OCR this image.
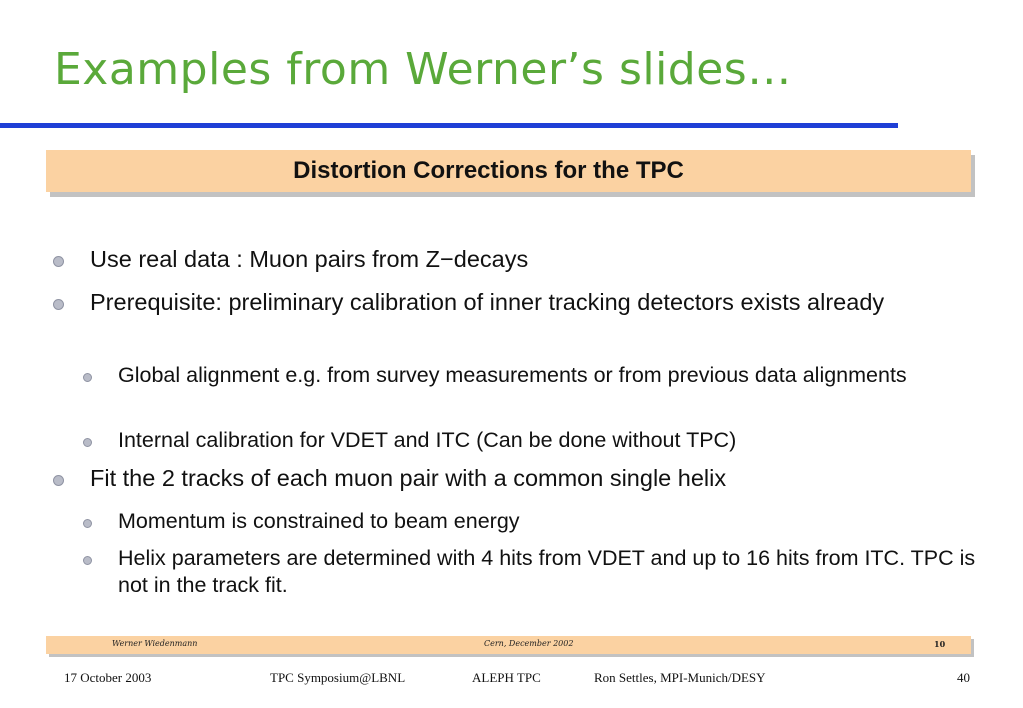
Examples from Werner’s slides…
Distortion Corrections for the TPC
Use real data : Muon pairs from Z−decays
Prerequisite: preliminary calibration of inner tracking detectors exists already
Global alignment e.g. from survey measurements or from previous data alignments
Internal calibration for VDET and ITC (Can be done without TPC)
Fit the 2 tracks of each muon pair with a common single helix
Momentum is constrained to beam energy
Helix parameters are determined with 4 hits from VDET and up to 16 hits from ITC. TPC is not in the track fit.
Werner Wiedenmann	Cern, December 2002	10
17 October 2003	TPC Symposium@LBNL	ALEPH TPC	Ron Settles, MPI-Munich/DESY	40
